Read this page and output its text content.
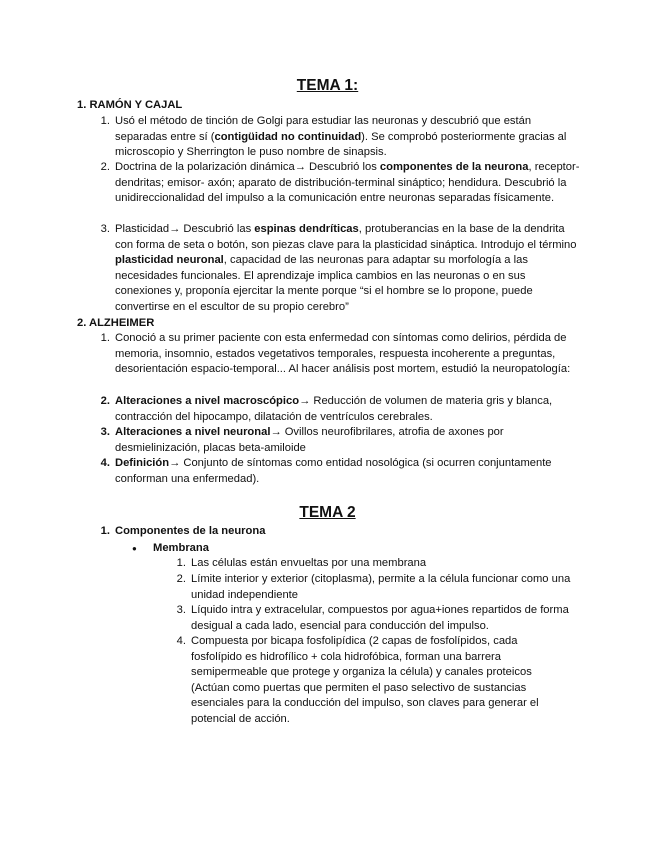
TEMA 1:
1. RAMÓN Y CAJAL
1. Usó el método de tinción de Golgi para estudiar las neuronas y descubrió que están separadas entre sí (contigüidad no continuidad). Se comprobó posteriormente gracias al microscopio y Sherrington le puso nombre de sinapsis.
2. Doctrina de la polarización dinámica→ Descubrió los componentes de la neurona, receptor- dendritas; emisor- axón; aparato de distribución-terminal sináptico; hendidura. Descubrió la unidireccionalidad del impulso a la comunicación entre neuronas separadas físicamente.
3. Plasticidad→ Descubrió las espinas dendríticas, protuberancias en la base de la dendrita con forma de seta o botón, son piezas clave para la plasticidad sináptica. Introdujo el término plasticidad neuronal, capacidad de las neuronas para adaptar su morfología a las necesidades funcionales. El aprendizaje implica cambios en las neuronas o en sus conexiones y, proponía ejercitar la mente porque “si el hombre se lo propone, puede convertirse en el escultor de su propio cerebro”
2. ALZHEIMER
1. Conoció a su primer paciente con esta enfermedad con síntomas como delirios, pérdida de memoria, insomnio, estados vegetativos temporales, respuesta incoherente a preguntas, desorientación espacio-temporal... Al hacer análisis post mortem, estudió la neuropatología:
2. Alteraciones a nivel macroscópico→ Reducción de volumen de materia gris y blanca, contracción del hipocampo, dilatación de ventrículos cerebrales.
3. Alteraciones a nivel neuronal→ Ovillos neurofibrilares, atrofia de axones por desmielinización, placas beta-amiloide
4. Definición→ Conjunto de síntomas como entidad nosológica (si ocurren conjuntamente conforman una enfermedad).
TEMA 2
1. Componentes de la neurona
●	Membrana
1. Las células están envueltas por una membrana
2. Límite interior y exterior (citoplasma), permite a la célula funcionar como una unidad independiente
3. Líquido intra y extracelular, compuestos por agua+iones repartidos de forma desigual a cada lado, esencial para conducción del impulso.
4. Compuesta por bicapa fosfolipídica (2 capas de fosfolípidos, cada fosfolípido es hidrofílico + cola hidrofóbica, forman una barrera semipermeable que protege y organiza la célula) y canales proteicos (Actúan como puertas que permiten el paso selectivo de sustancias esenciales para la conducción del impulso, son claves para generar el potencial de acción.
